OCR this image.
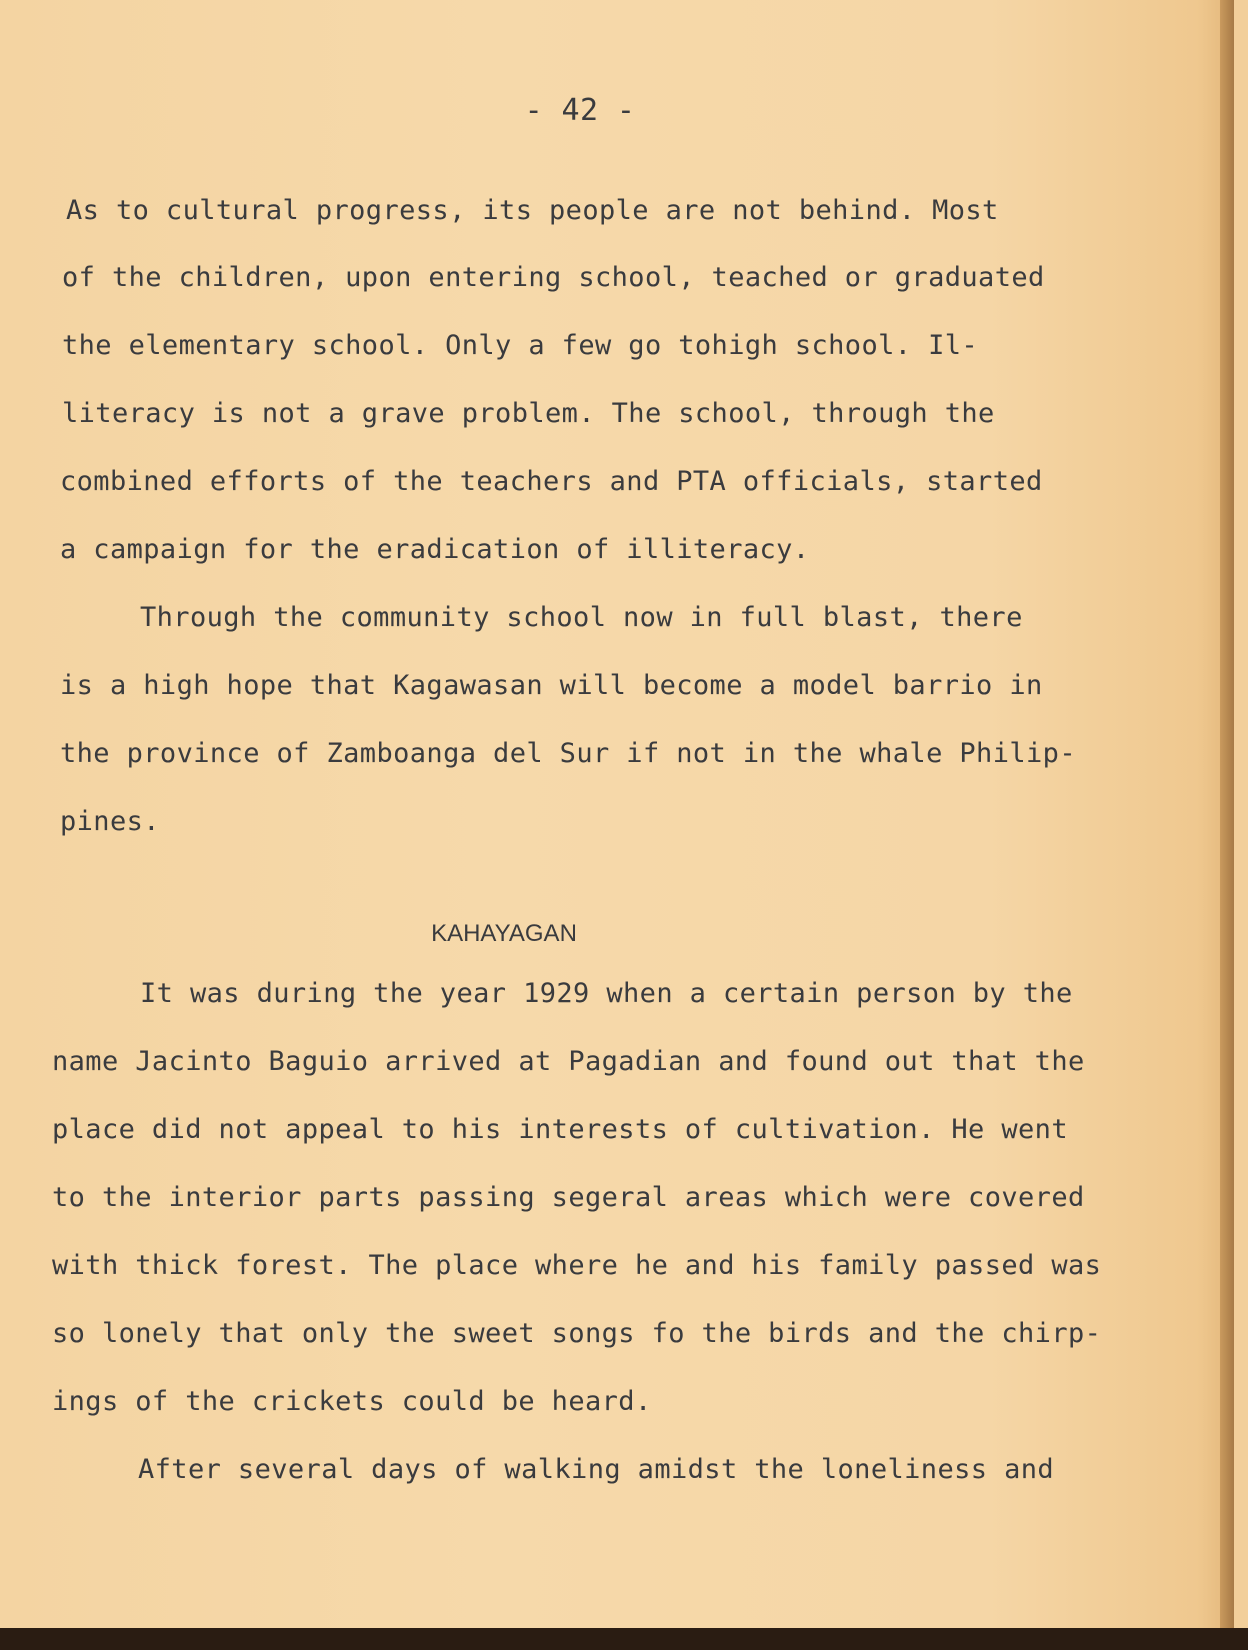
- 42 -

As to cultural progress, its people are not behind. Most

of the children, upon entering school, teached or graduated

the elementary school. Only a few go tohigh school. Il-

literacy is not a grave problem. The school, through the

combined efforts of the teachers and PTA officials, started

a campaign for the eradication of illiteracy.

Through the community school now in full blast, there

is a high hope that Kagawasan will become a model barrio in

the province of Zamboanga del Sur if not in the whale Philip-

pines.

KAHAYAGAN

It was during the year 1929 when a certain person by the

name Jacinto Baguio arrived at Pagadian and found out that the

place did not appeal to his interests of cultivation. He went

to the interior parts passing segeral areas which were covered

with thick forest. The place where he and his family passed was

so lonely that only the sweet songs fo the birds and the chirp-

ings of the crickets could be heard.

After several days of walking amidst the loneliness and
